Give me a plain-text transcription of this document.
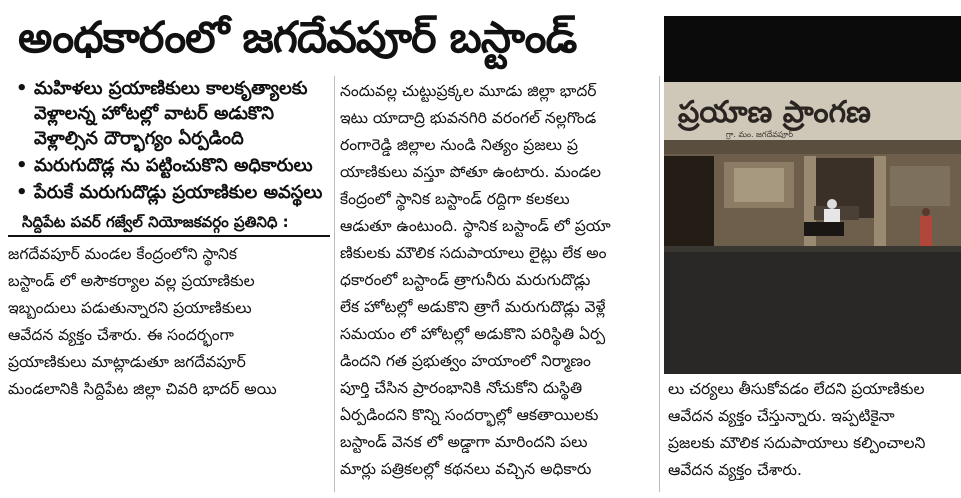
అంధకారంలో జగదేవపూర్ బస్టాండ్
• మహిళలు ప్రయాణికులు కాలకృత్యాలకు వెళ్లాలన్న హోటల్లో వాటర్ అడుకొని వెళ్లాల్సిన దౌర్భాగ్యం ఏర్పడింది
• మరుగుదొడ్ల ను పట్టించుకొని అధికారులు
• పేరుకే మరుగుదొడ్లు ప్రయాణికుల అవస్థలు
సిద్దిపేట పవర్ గజ్వేల్ నియోజకవర్గం ప్రతినిధి :
జగదేవపూర్ మండల కేంద్రంలోని స్థానిక
బస్టాండ్ లో అసౌకర్యాల వల్ల ప్రయాణికుల
ఇబ్బందులు పడుతున్నారని ప్రయాణికులు
ఆవేదన వ్యక్తం చేశారు. ఈ సందర్భంగా
ప్రయాణికులు మాట్లాడుతూ జగదేవపూర్
మండలానికి సిద్దిపేట జిల్లా చివరి భాదర్ అయి
నందువల్ల చుట్టుప్రక్కల మూడు జిల్లా భాదర్
ఇటు యాదాద్రి భువనగిరి వరంగల్ నల్లగొండ
రంగారెడ్డి జిల్లాల నుండి నిత్యం ప్రజలు ప్ర
యాణికులు వస్తూ పోతూ ఉంటారు. మండల
కేంద్రంలో స్థానిక బస్టాండ్ రద్దిగా కలకలు
ఆడుతూ ఉంటుంది. స్థానిక బస్టాండ్ లో ప్రయా
ణికులకు మౌలిక సదుపాయాలు లైట్లు లేక అం
ధకారంలో బస్టాండ్ త్రాగునీరు మరుగుదొడ్లు
లేక హోటల్లో అడుకొని త్రాగే మరుగుదొడ్లు వెళ్లే
సమయం లో హోటల్లో అడుకొని పరిస్థితి ఏర్ప
డిందని గత ప్రభుత్వం హయాంలో నిర్మాణం
పూర్తి చేసిన ప్రారంభానికి నోచుకోని దుస్థితి
ఏర్పడిందని కొన్ని సందర్భాల్లో ఆకతాయిలకు
బస్టాండ్ వెనక లో అడ్డాగా మారిందని పలు
మార్లు పత్రికలల్లో కథనలు వచ్చిన అధికారు
ప్రయాణ ప్రాంగణ
గ్రా. మం. జగదేవపూర్
లు చర్యలు తీసుకోవడం లేదని ప్రయాణికుల
ఆవేదన వ్యక్తం చేస్తున్నారు. ఇప్పటికైనా
ప్రజలకు మౌలిక సదుపాయాలు కల్పించాలని
ఆవేదన వ్యక్తం చేశారు.
